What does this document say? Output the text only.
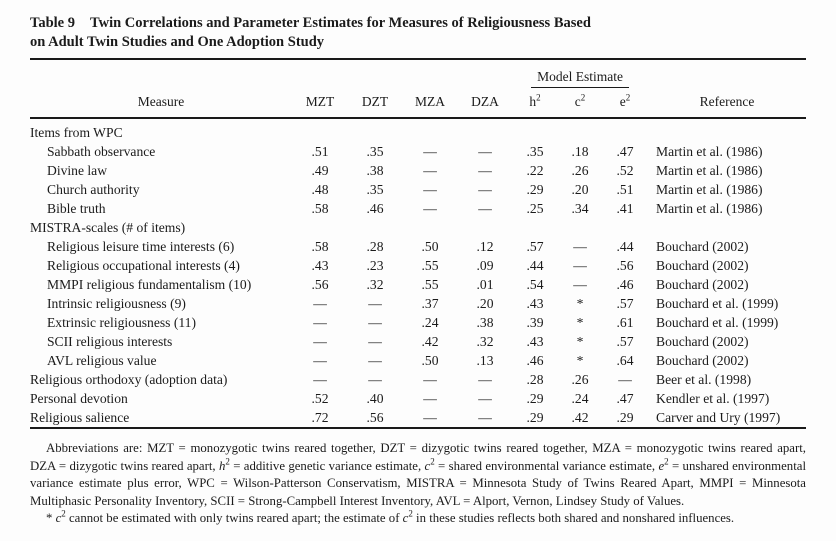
Table 9 Twin Correlations and Parameter Estimates for Measures of Religiousness Based

on Adult Twin Studies and One Adoption Study

					Model Estimate			
Measure	MZT	DZT	MZA	DZA	$h^2$	$c^2$	$e^2$	Reference
Items from WPC								
Sabbath observance	.51	.35	—	—	.35	.18	.47	Martin et al. (1986)
Divine law	.49	.38	—	—	.22	.26	.52	Martin et al. (1986)
Church authority	.48	.35	—	—	.29	.20	.51	Martin et al. (1986)
Bible truth	.58	.46	—	—	.25	.34	.41	Martin et al. (1986)
MISTRA-scales (# of items)								
Religious leisure time interests (6)	.58	.28	.50	.12	.57	—	.44	Bouchard (2002)
Religious occupational interests (4)	.43	.23	.55	.09	.44	—	.56	Bouchard (2002)
MMPI religious fundamentalism (10)	.56	.32	.55	.01	.54	—	.46	Bouchard (2002)
Intrinsic religiousness (9)	—	—	.37	.20	.43	*	.57	Bouchard et al. (1999)
Extrinsic religiousness (11)	—	—	.24	.38	.39	*	.61	Bouchard et al. (1999)
SCII religious interests	—	—	.42	.32	.43	*	.57	Bouchard (2002)
AVL religious value	—	—	.50	.13	.46	*	.64	Bouchard (2002)
Religious orthodoxy (adoption data)	—	—	—	—	.28	.26	—	Beer et al. (1998)
Personal devotion	.52	.40	—	—	.29	.24	.47	Kendler et al. (1997)
Religious salience	.72	.56	—	—	.29	.42	.29	Carver and Ury (1997)

Abbreviations are: MZT = monozygotic twins reared together, DZT = dizygotic twins reared together, MZA = monozygotic twins reared apart, DZA = dizygotic twins reared apart, $h^2$ = additive genetic variance estimate, $c^2$ = shared environmental variance estimate, $e^2$ = unshared environmental variance estimate plus error, WPC = Wilson-Patterson Conservatism, MISTRA = Minnesota Study of Twins Reared Apart, MMPI = Minnesota Multiphasic Personality Inventory, SCII = Strong-Campbell Interest Inventory, AVL = Alport, Vernon, Lindsey Study of Values.

* $c^2$ cannot be estimated with only twins reared apart; the estimate of $c^2$ in these studies reflects both shared and nonshared influences.
